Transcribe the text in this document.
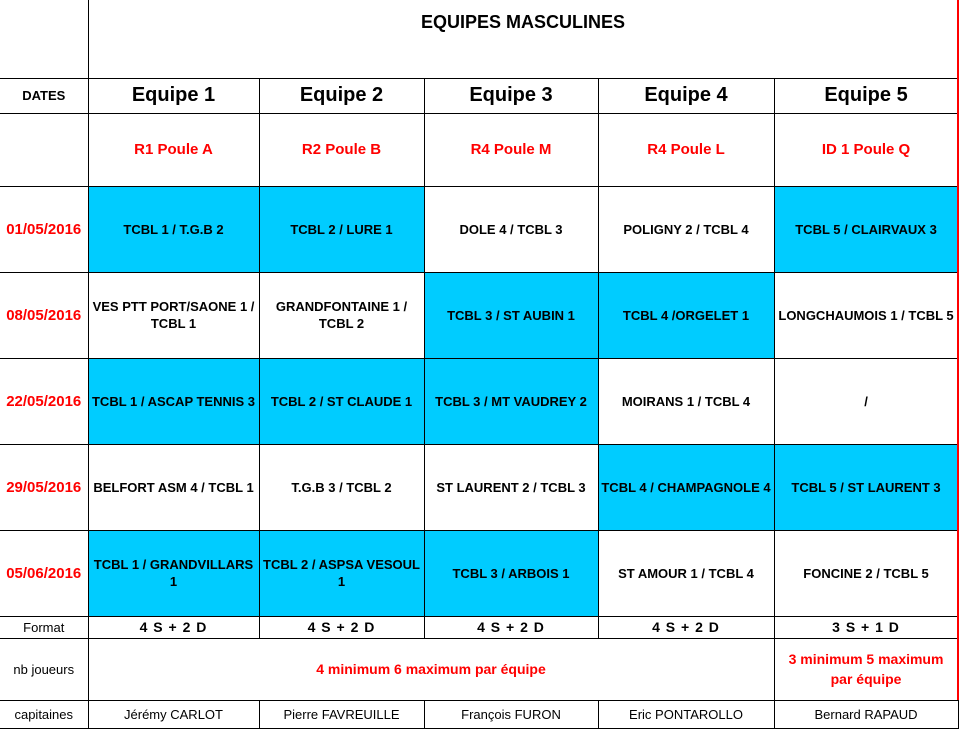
	EQUIPES MASCULINES				
DATES	Equipe 1	Equipe 2	Equipe 3	Equipe 4	Equipe 5
	R1 Poule A	R2 Poule B	R4 Poule M	R4 Poule L	ID 1 Poule Q
01/05/2016	TCBL 1 / T.G.B 2	TCBL 2 / LURE 1	DOLE 4 / TCBL 3	POLIGNY 2 / TCBL 4	TCBL 5 / CLAIRVAUX 3
08/05/2016	VES PTT PORT/SAONE 1 / TCBL 1	GRANDFONTAINE 1 / TCBL 2	TCBL 3 / ST AUBIN 1	TCBL 4 /ORGELET 1	LONGCHAUMOIS 1 / TCBL 5
22/05/2016	TCBL 1 / ASCAP TENNIS 3	TCBL 2 / ST CLAUDE 1	TCBL 3 / MT VAUDREY 2	MOIRANS 1 / TCBL 4	/
29/05/2016	BELFORT ASM 4 / TCBL 1	T.G.B 3 / TCBL 2	ST LAURENT 2 / TCBL 3	TCBL 4 / CHAMPAGNOLE 4	TCBL 5 / ST LAURENT 3
05/06/2016	TCBL 1 / GRANDVILLARS 1	TCBL 2 / ASPSA VESOUL 1	TCBL 3 / ARBOIS 1	ST AMOUR 1 / TCBL 4	FONCINE 2 / TCBL 5
Format	4 S + 2 D	4 S + 2 D	4 S + 2 D	4 S + 2 D	3 S + 1 D
nb joueurs	4 minimum 6 maximum par équipe				3 minimum 5 maximum par équipe
capitaines	Jérémy CARLOT	Pierre FAVREUILLE	François FURON	Eric PONTAROLLO	Bernard RAPAUD
